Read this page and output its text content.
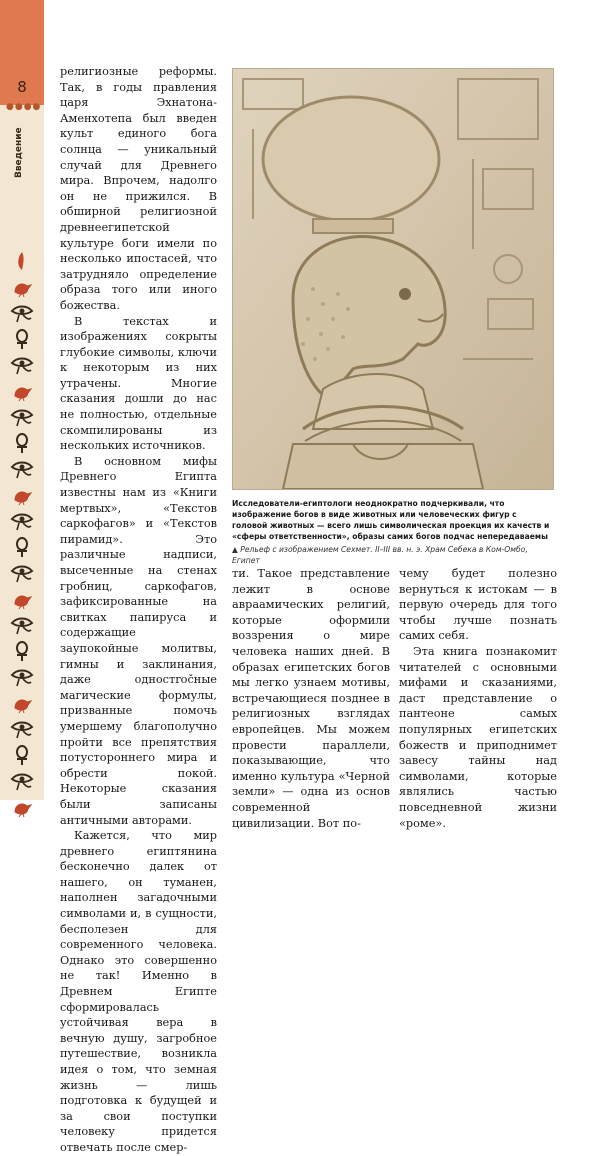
8
●●●●
Введение

религиозные реформы. Так, в годы правления царя Эхнатона-Аменхотепа был введен культ единого бога солнца — уникальный случай для Древнего мира. Впрочем, надолго он не прижился. В обширной религиозной древнеегипетской культуре боги имели по несколько ипостасей, что затрудняло определение образа того или иного божества.

В текстах и изображениях сокрыты глубокие символы, ключи к некоторым из них утрачены. Многие сказания дошли до нас не полностью, отдельные скомпилированы из нескольких источников.

В основном мифы Древнего Египта известны нам из «Книги мертвых», «Текстов саркофагов» и «Текстов пирамид». Это различные надписи, высеченные на стенах гробниц, саркофагов, зафиксированные на свитках папируса и содержащие заупокойные молитвы, гимны и заклинания, даже одностročные магические формулы, призванные помочь умершему благополучно пройти все препятствия потустороннего мира и обрести покой. Некоторые сказания были записаны античными авторами.

Кажется, что мир древнего египтянина бесконечно далек от нашего, он туманен, наполнен загадочными символами и, в сущности, бесполезен для современного человека. Однако это совершенно не так! Именно в Древнем Египте сформировалась устойчивая вера в вечную душу, загробное путешествие, возникла идея о том, что земная жизнь — лишь подготовка к будущей и за свои поступки человеку придется отвечать после смер-

Исследователи-египтологи неоднократно подчеркивали, что изображение богов в виде животных или человеческих фигур с головой животных — всего лишь символическая проекция их качеств и «сферы ответственности», образы самих богов подчас непередаваемы
▲ Рельеф с изображением Сехмет. II–III вв. н. э. Храм Себека в Ком-Омбо, Египет

ти. Такое представление лежит в основе авраамических религий, которые оформили воззрения о мире человека наших дней. В образах египетских богов мы легко узнаем мотивы, встречающиеся позднее в религиозных взглядах европейцев. Мы можем провести параллели, показывающие, что именно культура «Черной земли» — одна из основ современной цивилизации. Вот по-

чему будет полезно вернуться к истокам — в первую очередь для того чтобы лучше познать самих себя.

Эта книга познакомит читателей с основными мифами и сказаниями, даст представление о пантеоне самых популярных египетских божеств и приподнимет завесу тайны над символами, которые являлись частью повседневной жизни «роме».
